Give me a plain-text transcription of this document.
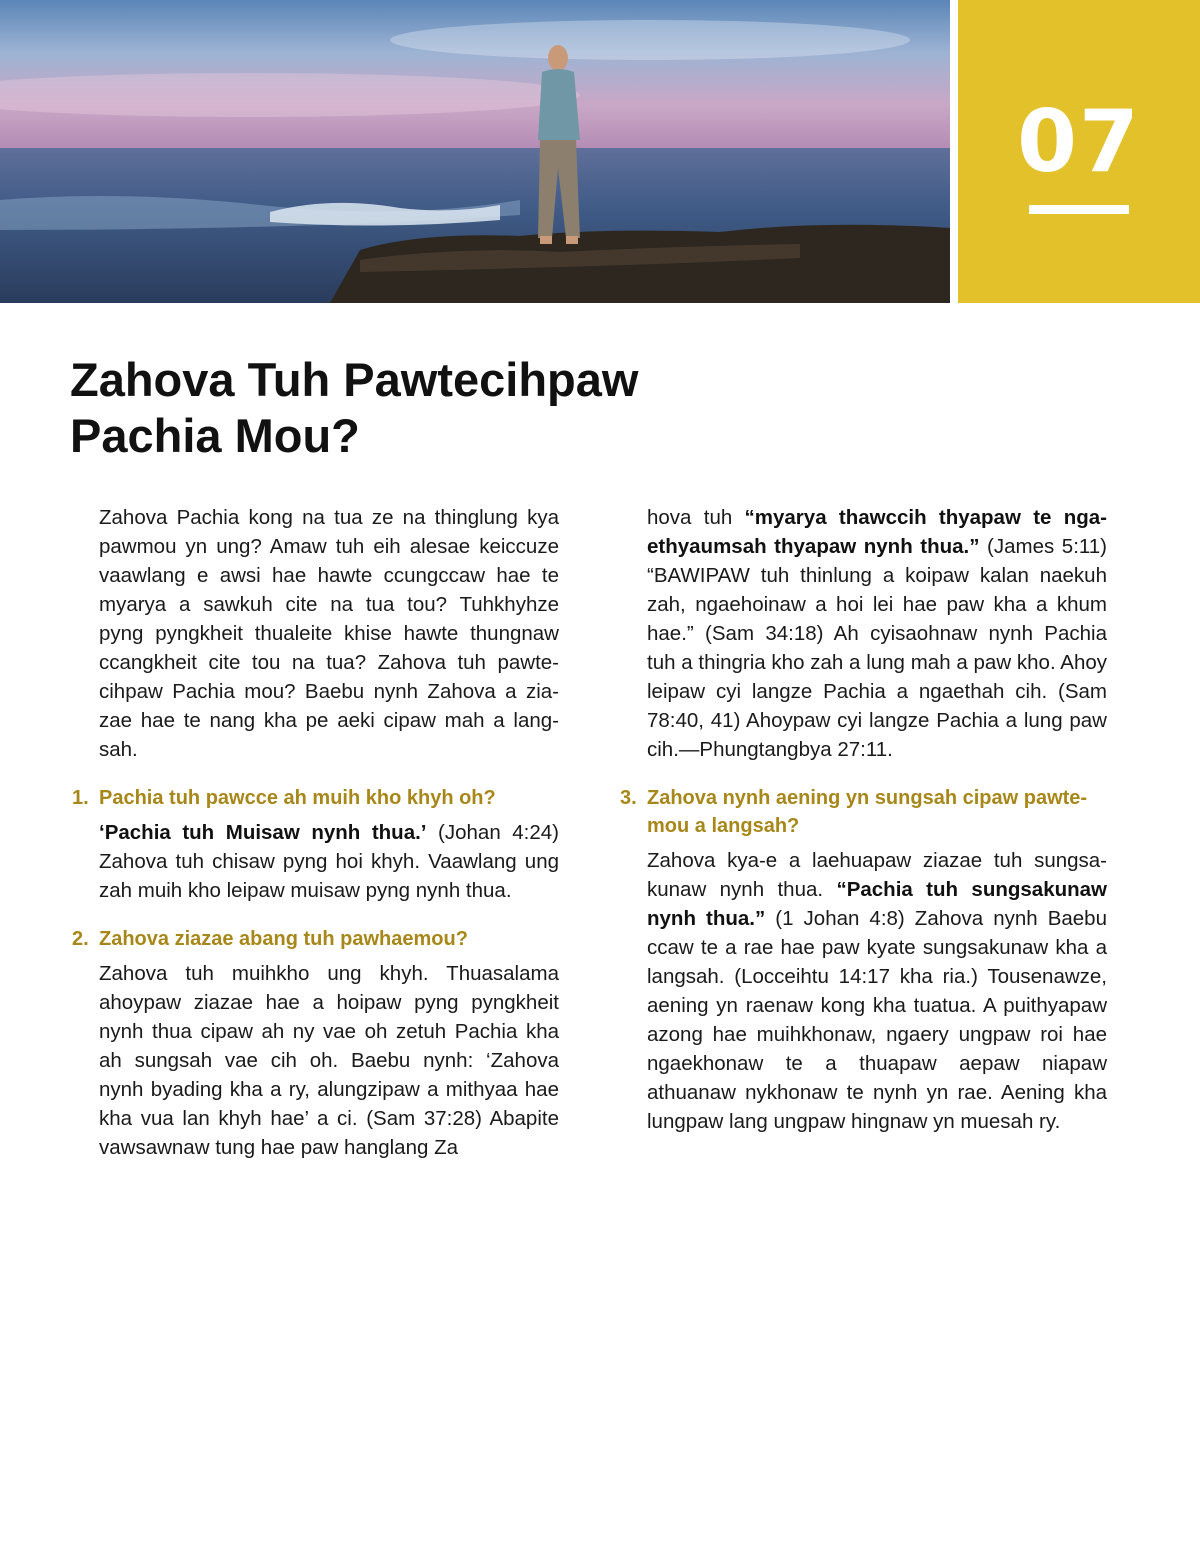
07
Zahova Tuh Pawtecihpaw
Pachia Mou?

Zahova Pachia kong na tua ze na thinglung kya pawmou yn ung? Amaw tuh eih alesae keiccuze vaawlang e awsi hae hawte ccungccaw hae te myarya a sawkuh cite na tua tou? Tuhkhyhze pyng pyngkheit thualeite khise hawte thungnaw ccangkheit cite tou na tua? Zahova tuh pawtecihpaw Pachia mou? Baebu nynh Zahova a ziazae hae te nang kha pe aeki cipaw mah a langsah.

1. Pachia tuh pawcce ah muih kho khyh oh?

‘Pachia tuh Muisaw nynh thua.’ (Johan 4:24) Zahova tuh chisaw pyng hoi khyh. Vaawlang ung zah muih kho leipaw muisaw pyng nynh thua.

2. Zahova ziazae abang tuh pawhaemou?

Zahova tuh muihkho ung khyh. Thuasalama ahoypaw ziazae hae a hoipaw pyng pyngkheit nynh thua cipaw ah ny vae oh zetuh Pachia kha ah sungsah vae cih oh. Baebu nynh: ‘Zahova nynh byading kha a ry, alungzipaw a mithyaa hae kha vua lan khyh hae’ a ci. (Sam 37:28) Abapite vawsawnaw tung hae paw hanglang Za

hova tuh “myarya thawccih thyapaw te ngaethyaumsah thyapaw nynh thua.” (James 5:11) “BAWIPAW tuh thinlung a koipaw kalan naekuh zah, ngaehoinaw a hoi lei hae paw kha a khum hae.” (Sam 34:18) Ah cyisaohnaw nynh Pachia tuh a thingria kho zah a lung mah a paw kho. Ahoy leipaw cyi langze Pachia a ngaethah cih. (Sam 78:40, 41) Ahoypaw cyi langze Pachia a lung paw cih.—Phungtangbya 27:11.

3. Zahova nynh aening yn sungsah cipaw pawtemou a langsah?

Zahova kya-e a laehuapaw ziazae tuh sungsakunaw nynh thua. “Pachia tuh sungsakunaw nynh thua.” (1 Johan 4:8) Zahova nynh Baebu ccaw te a rae hae paw kyate sungsakunaw kha a langsah. (Locceihtu 14:17 kha ria.) Tousenawze, aening yn raenaw kong kha tuatua. A puithyapaw azong hae muihkhonaw, ngaery ungpaw roi hae ngaekhonaw te a thuapaw aepaw niapaw athuanaw nykhonaw te nynh yn rae. Aening kha lungpaw lang ungpaw hingnaw yn muesah ry.
